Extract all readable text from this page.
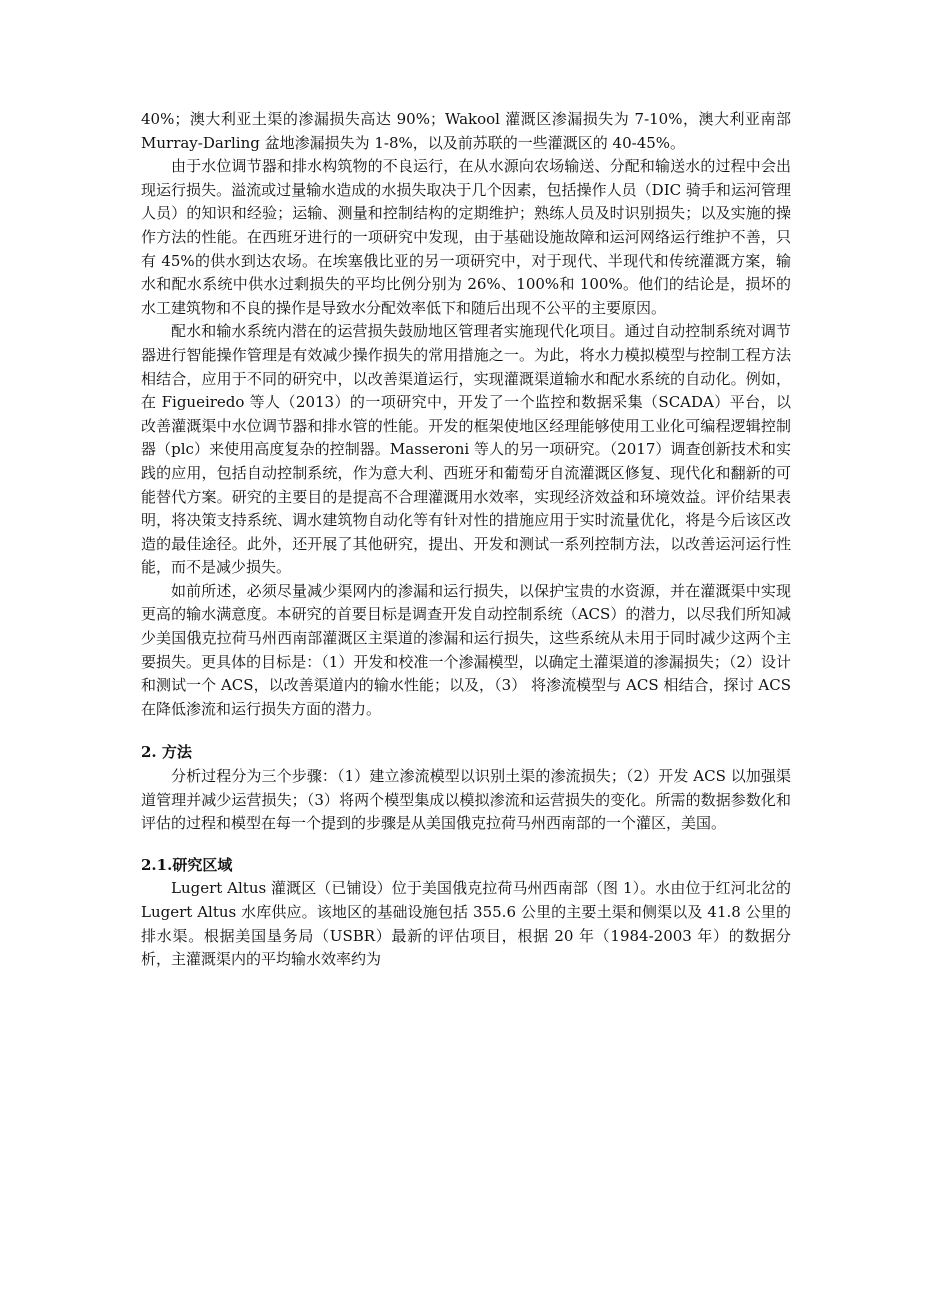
40%；澳大利亚土渠的渗漏损失高达 90%；Wakool 灌溉区渗漏损失为 7-10%，澳大利亚南部 Murray-Darling 盆地渗漏损失为 1-8%，以及前苏联的一些灌溉区的 40-45%。

由于水位调节器和排水构筑物的不良运行，在从水源向农场输送、分配和输送水的过程中会出现运行损失。溢流或过量输水造成的水损失取决于几个因素，包括操作人员（DIC 骑手和运河管理人员）的知识和经验；运输、测量和控制结构的定期维护；熟练人员及时识别损失；以及实施的操作方法的性能。在西班牙进行的一项研究中发现，由于基础设施故障和运河网络运行维护不善，只有 45%的供水到达农场。在埃塞俄比亚的另一项研究中，对于现代、半现代和传统灌溉方案，输水和配水系统中供水过剩损失的平均比例分别为 26%、100%和 100%。他们的结论是，损坏的水工建筑物和不良的操作是导致水分配效率低下和随后出现不公平的主要原因。

配水和输水系统内潜在的运营损失鼓励地区管理者实施现代化项目。通过自动控制系统对调节器进行智能操作管理是有效减少操作损失的常用措施之一。为此，将水力模拟模型与控制工程方法相结合，应用于不同的研究中，以改善渠道运行，实现灌溉渠道输水和配水系统的自动化。例如，在 Figueiredo 等人（2013）的一项研究中，开发了一个监控和数据采集（SCADA）平台，以改善灌溉渠中水位调节器和排水管的性能。开发的框架使地区经理能够使用工业化可编程逻辑控制器（plc）来使用高度复杂的控制器。Masseroni 等人的另一项研究。（2017）调查创新技术和实践的应用，包括自动控制系统，作为意大利、西班牙和葡萄牙自流灌溉区修复、现代化和翻新的可能替代方案。研究的主要目的是提高不合理灌溉用水效率，实现经济效益和环境效益。评价结果表明，将决策支持系统、调水建筑物自动化等有针对性的措施应用于实时流量优化，将是今后该区改造的最佳途径。此外，还开展了其他研究，提出、开发和测试一系列控制方法，以改善运河运行性能，而不是减少损失。

如前所述，必须尽量减少渠网内的渗漏和运行损失，以保护宝贵的水资源，并在灌溉渠中实现更高的输水满意度。本研究的首要目标是调查开发自动控制系统（ACS）的潜力，以尽我们所知减少美国俄克拉荷马州西南部灌溉区主渠道的渗漏和运行损失，这些系统从未用于同时减少这两个主要损失。更具体的目标是：（1）开发和校准一个渗漏模型，以确定土灌渠道的渗漏损失；（2）设计和测试一个 ACS，以改善渠道内的输水性能；以及，（3） 将渗流模型与 ACS 相结合，探讨 ACS 在降低渗流和运行损失方面的潜力。

2. 方法

分析过程分为三个步骤：（1）建立渗流模型以识别土渠的渗流损失；（2）开发 ACS 以加强渠道管理并减少运营损失；（3）将两个模型集成以模拟渗流和运营损失的变化。所需的数据参数化和评估的过程和模型在每一个提到的步骤是从美国俄克拉荷马州西南部的一个灌区，美国。

2.1.研究区域

Lugert Altus 灌溉区（已铺设）位于美国俄克拉荷马州西南部（图 1）。水由位于红河北岔的 Lugert Altus 水库供应。该地区的基础设施包括 355.6 公里的主要土渠和侧渠以及 41.8 公里的排水渠。根据美国垦务局（USBR）最新的评估项目，根据 20 年（1984-2003 年）的数据分析，主灌溉渠内的平均输水效率约为
